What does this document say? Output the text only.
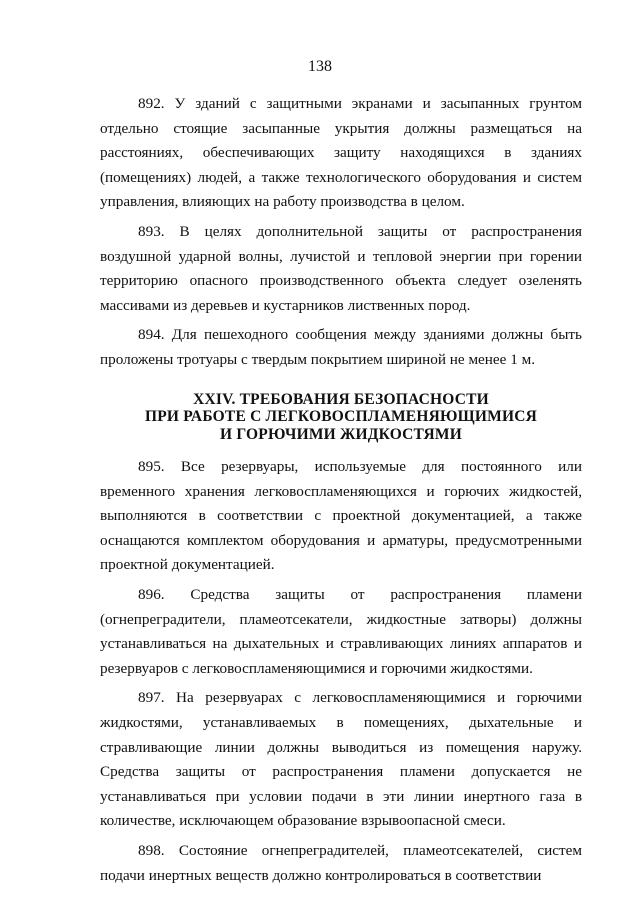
138

892. У зданий с защитными экранами и засыпанных грунтом отдельно стоящие засыпанные укрытия должны размещаться на расстояниях, обеспечивающих защиту находящихся в зданиях (помещениях) людей, а также технологического оборудования и систем управления, влияющих на работу производства в целом.

893. В целях дополнительной защиты от распространения воздушной ударной волны, лучистой и тепловой энергии при горении территорию опасного производственного объекта следует озеленять массивами из деревьев и кустарников лиственных пород.

894. Для пешеходного сообщения между зданиями должны быть проложены тротуары с твердым покрытием шириной не менее 1 м.

XXIV. ТРЕБОВАНИЯ БЕЗОПАСНОСТИ
ПРИ РАБОТЕ С ЛЕГКОВОСПЛАМЕНЯЮЩИМИСЯ
И ГОРЮЧИМИ ЖИДКОСТЯМИ

895. Все резервуары, используемые для постоянного или временного хранения легковоспламеняющихся и горючих жидкостей, выполняются в соответствии с проектной документацией, а также оснащаются комплектом оборудования и арматуры, предусмотренными проектной документацией.

896. Средства защиты от распространения пламени (огнепреградители, пламеотсекатели, жидкостные затворы) должны устанавливаться на дыхательных и стравливающих линиях аппаратов и резервуаров с легковоспламеняющимися и горючими жидкостями.

897. На резервуарах с легковоспламеняющимися и горючими жидкостями, устанавливаемых в помещениях, дыхательные и стравливающие линии должны выводиться из помещения наружу. Средства защиты от распространения пламени допускается не устанавливаться при условии подачи в эти линии инертного газа в количестве, исключающем образование взрывоопасной смеси.

898. Состояние огнепреградителей, пламеотсекателей, систем подачи инертных веществ должно контролироваться в соответствии
